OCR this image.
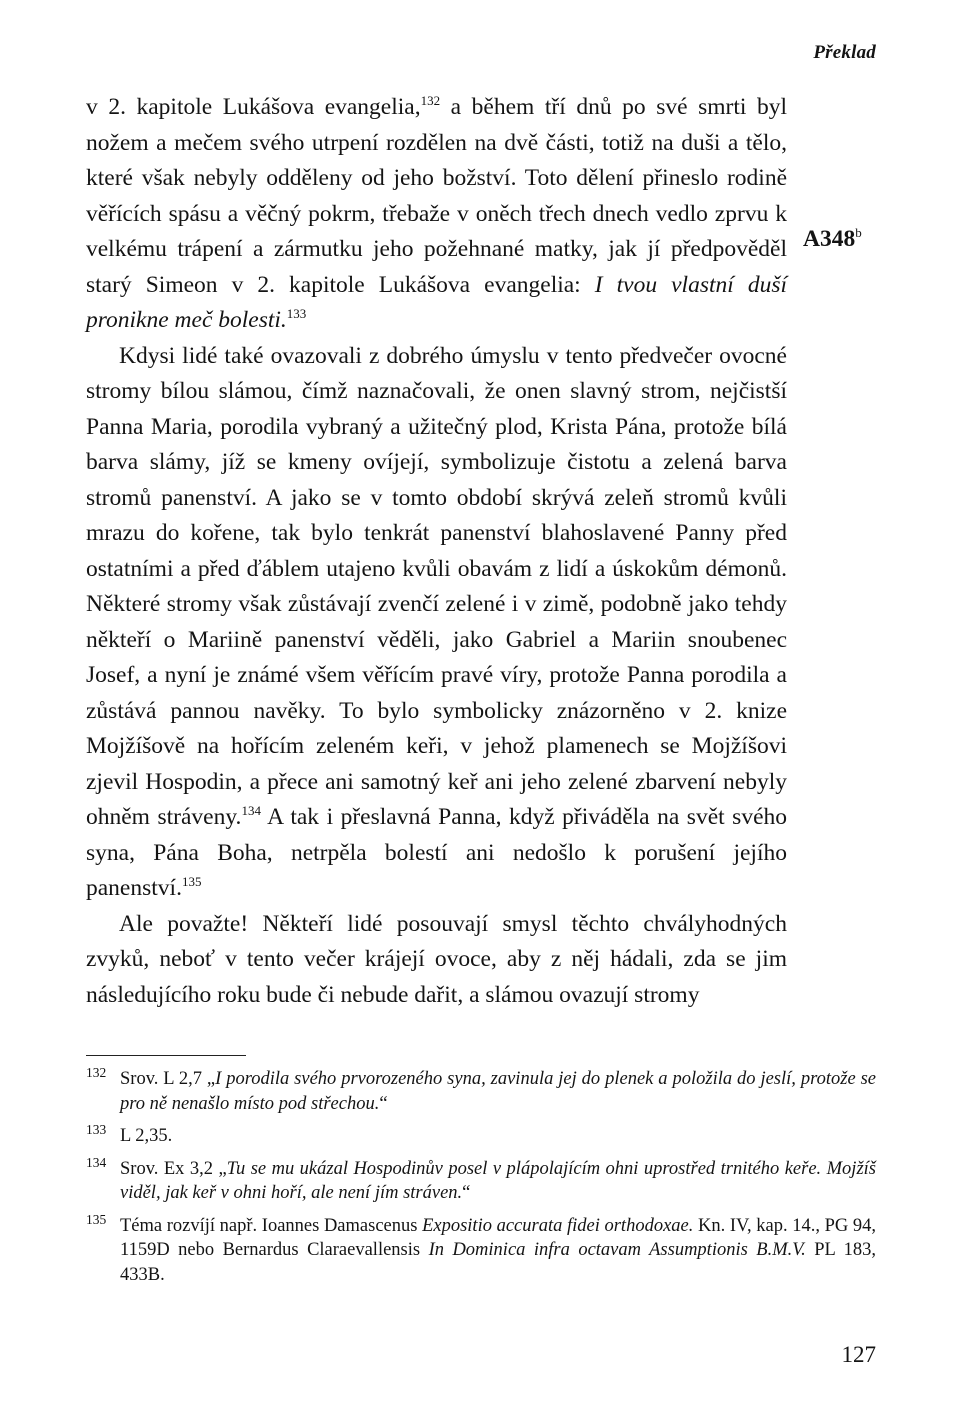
Překlad
A348$^b$

v 2. kapitole Lukášova evangelia,$^{132}$ a během tří dnů po své smrti byl nožem a mečem svého utrpení rozdělen na dvě části, totiž na duši a tělo, které však nebyly odděleny od jeho božství. Toto dělení přineslo rodině věřících spásu a věčný pokrm, třebaže v oněch třech dnech vedlo zprvu k velkému trápení a zármutku jeho požehnané matky, jak jí předpověděl starý Simeon v 2. kapitole Lukášova evangelia: I tvou vlastní duší pronikne meč bolesti.$^{133}$

Kdysi lidé také ovazovali z dobrého úmyslu v tento předvečer ovocné stromy bílou slámou, čímž naznačovali, že onen slavný strom, nejčistší Panna Maria, porodila vybraný a užitečný plod, Krista Pána, protože bílá barva slámy, jíž se kmeny ovíjejí, symbolizuje čistotu a zelená barva stromů panenství. A jako se v tomto období skrývá zeleň stromů kvůli mrazu do kořene, tak bylo tenkrát panenství blahoslavené Panny před ostatními a před ďáblem utajeno kvůli obavám z lidí a úskokům démonů. Některé stromy však zůstávají zvenčí zelené i v zimě, podobně jako tehdy někteří o Mariině panenství věděli, jako Gabriel a Mariin snoubenec Josef, a nyní je známé všem věřícím pravé víry, protože Panna porodila a zůstává pannou navěky. To bylo symbolicky znázorněno v 2. knize Mojžíšově na hořícím zeleném keři, v jehož plamenech se Mojžíšovi zjevil Hospodin, a přece ani samotný keř ani jeho zelené zbarvení nebyly ohněm stráveny.$^{134}$ A tak i přeslavná Panna, když přiváděla na svět svého syna, Pána Boha, netrpěla bolestí ani nedošlo k porušení jejího panenství.$^{135}$

Ale považte! Někteří lidé posouvají smysl těchto chvályhodných zvyků, neboť v tento večer krájejí ovoce, aby z něj hádali, zda se jim následujícího roku bude či nebude dařit, a slámou ovazují stromy

132 Srov. L 2,7 „I porodila svého prvorozeného syna, zavinula jej do plenek a položila do jeslí, protože se pro ně nenašlo místo pod střechou.“
133 L 2,35.
134 Srov. Ex 3,2 „Tu se mu ukázal Hospodinův posel v plápolajícím ohni uprostřed trnitého keře. Mojžíš viděl, jak keř v ohni hoří, ale není jím stráven.“
135 Téma rozvíjí např. Ioannes Damascenus Expositio accurata fidei orthodoxae. Kn. IV, kap. 14., PG 94, 1159D nebo Bernardus Claraevallensis In Dominica infra octavam Assumptionis B.M.V. PL 183, 433B.
127
